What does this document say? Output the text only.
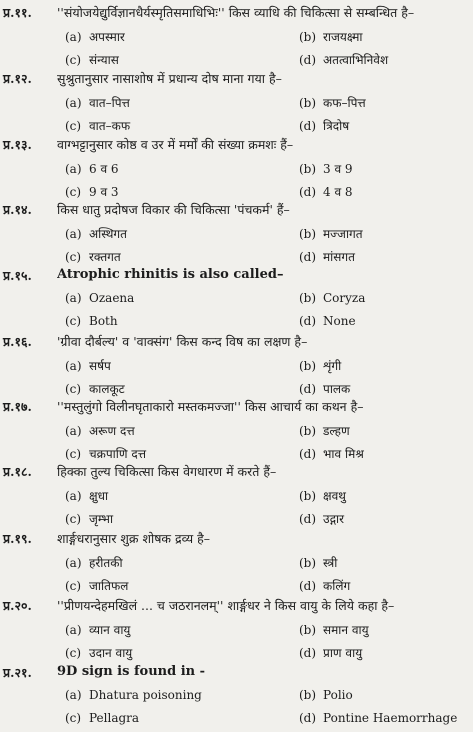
प्र.११. ''संयोजयेद्युर्विज्ञानधैर्यस्मृतिसमाधिभिः'' किस व्याधि की चिकित्सा से सम्बन्धित है–
(a) अपस्मार	(b) राजयक्ष्मा
(c) संन्यास	(d) अतत्वाभिनिवेश
प्र.१२. सुश्रुतानुसार नासाशोष में प्रधान्य दोष माना गया है–
(a) वात–पित्त	(b) कफ–पित्त
(c) वात–कफ	(d) त्रिदोष
प्र.१३. वाग्भट्टानुसार कोष्ठ व उर में मर्मों की संख्या क्रमशः हैं–
(a) 6 व 6	(b) 3 व 9
(c) 9 व 3	(d) 4 व 8
प्र.१४. किस धातु प्रदोषज विकार की चिकित्सा 'पंचकर्म' हैं–
(a) अस्थिगत	(b) मज्जागत
(c) रक्तगत	(d) मांसगत
प्र.१५. Atrophic rhinitis is also called–
(a) Ozaena	(b) Coryza
(c) Both	(d) None
प्र.१६. 'ग्रीवा दौर्बल्य' व 'वाक्संग' किस कन्द विष का लक्षण है–
(a) सर्षप	(b) शृंगी
(c) कालकूट	(d) पालक
प्र.१७. ''मस्तुलुंगो विलीनघृताकारो मस्तकमज्जा'' किस आचार्य का कथन है–
(a) अरूण दत्त	(b) डल्हण
(c) चक्रपाणि दत्त	(d) भाव मिश्र
प्र.१८. हिक्का तुल्य चिकित्सा किस वेगधारण में करते हैं–
(a) क्षुधा	(b) क्षवथु
(c) जृम्भा	(d) उद्गार
प्र.१९. शार्ङ्गधरानुसार शुक्र शोषक द्रव्य है–
(a) हरीतकी	(b) स्त्री
(c) जातिफल	(d) कलिंग
प्र.२०. ''प्रीणयन्देहमखिलं ... च जठरानलम्'' शार्ङ्गधर ने किस वायु के लिये कहा है–
(a) व्यान वायु	(b) समान वायु
(c) उदान वायु	(d) प्राण वायु
प्र.२१. 9D sign is found in -
(a) Dhatura poisoning	(b) Polio
(c) Pellagra	(d) Pontine Haemorrhage
